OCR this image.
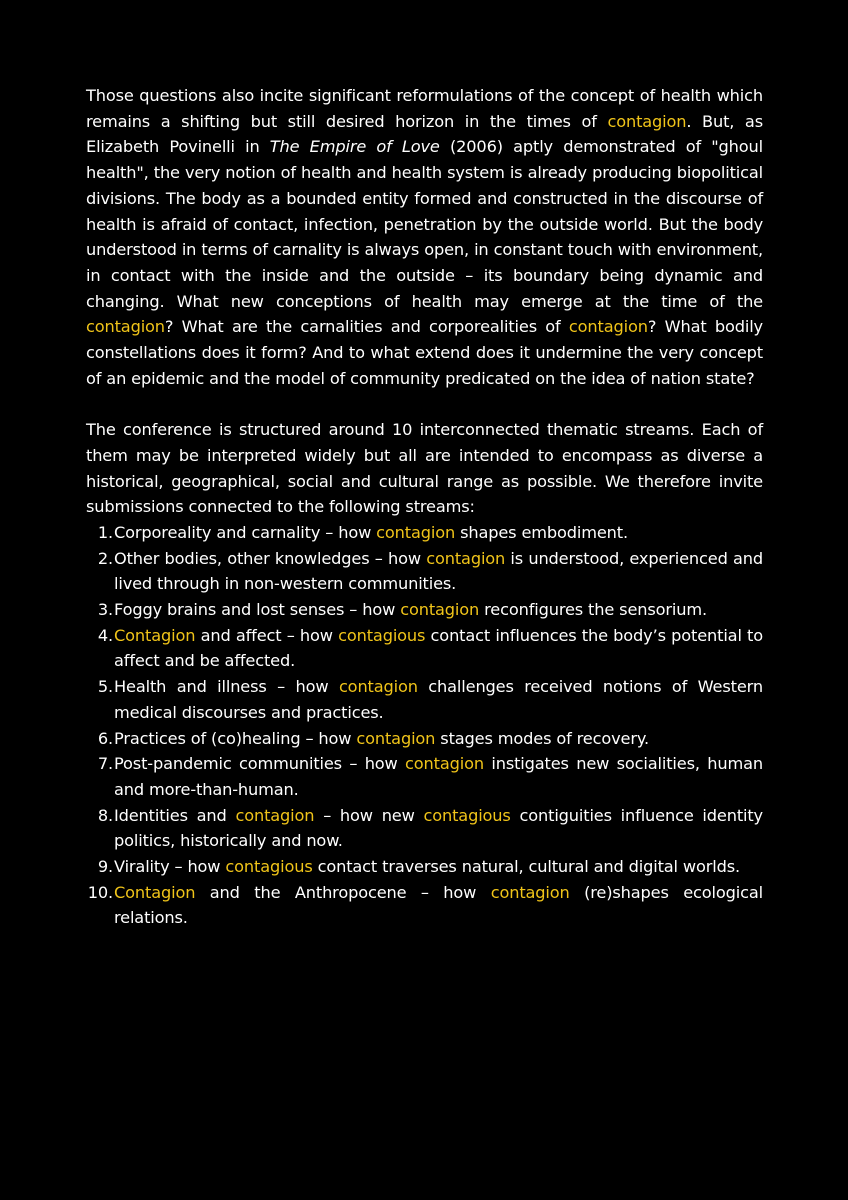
Those questions also incite significant reformulations of the concept of health which remains a shifting but still desired horizon in the times of contagion. But, as Elizabeth Povinelli in The Empire of Love (2006) aptly demonstrated of "ghoul health", the very notion of health and health system is already producing biopolitical divisions. The body as a bounded entity formed and constructed in the discourse of health is afraid of contact, infection, penetration by the outside world. But the body understood in terms of carnality is always open, in constant touch with environment, in contact with the inside and the outside – its boundary being dynamic and changing. What new conceptions of health may emerge at the time of the contagion? What are the carnalities and corporealities of contagion? What bodily constellations does it form? And to what extend does it undermine the very concept of an epidemic and the model of community predicated on the idea of nation state?

The conference is structured around 10 interconnected thematic streams. Each of them may be interpreted widely but all are intended to encompass as diverse a historical, geographical, social and cultural range as possible. We therefore invite submissions connected to the following streams:

1. Corporeality and carnality – how contagion shapes embodiment.
2. Other bodies, other knowledges – how contagion is understood, experienced and lived through in non-western communities.
3. Foggy brains and lost senses – how contagion reconfigures the sensorium.
4. Contagion and affect – how contagious contact influences the body’s potential to affect and be affected.
5. Health and illness – how contagion challenges received notions of Western medical discourses and practices.
6. Practices of (co)healing – how contagion stages modes of recovery.
7. Post-pandemic communities – how contagion instigates new socialities, human and more-than-human.
8. Identities and contagion – how new contagious contiguities influence identity politics, historically and now.
9. Virality – how contagious contact traverses natural, cultural and digital worlds.
10. Contagion and the Anthropocene – how contagion (re)shapes ecological relations.
